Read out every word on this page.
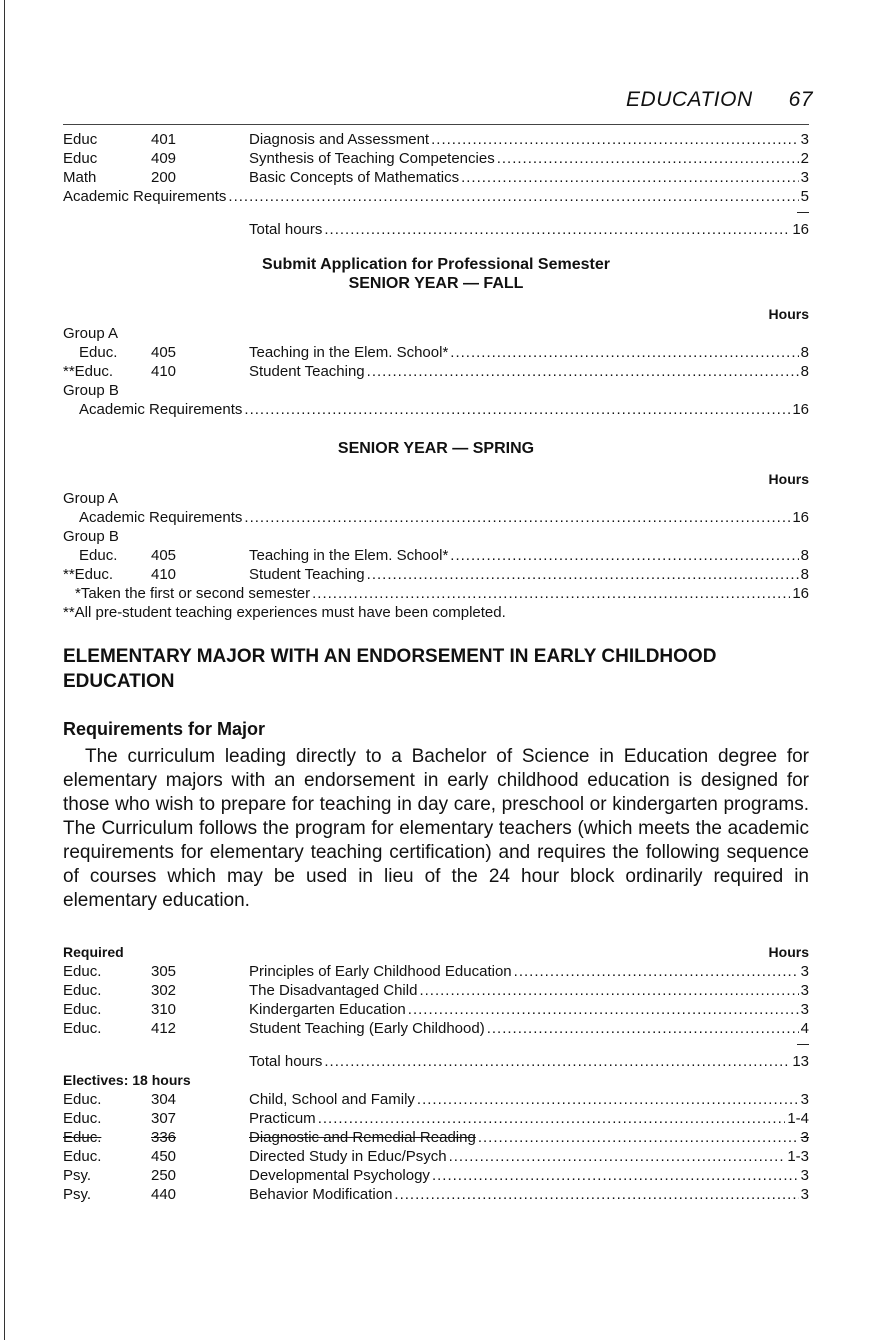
EDUCATION 67
Educ	401	Diagnosis and Assessment .....	3
Educ	409	Synthesis of Teaching Competencies .....	2
Math	200	Basic Concepts of Mathematics .....	3
Academic Requirements .....	5
Total hours .....	16
Submit Application for Professional Semester
SENIOR YEAR — FALL
Hours
Group A
Educ. 405	Teaching in the Elem. School* .....	8
**Educ.	410	Student Teaching .....	8
Group B
Academic Requirements .....	16
SENIOR YEAR — SPRING
Hours
Group A
Academic Requirements .....	16
Group B
Educ. 405	Teaching in the Elem. School* .....	8
**Educ.	410	Student Teaching .....	8
*Taken the first or second semester .....	16
**All pre-student teaching experiences must have been completed.
ELEMENTARY MAJOR WITH AN ENDORSEMENT IN EARLY CHILDHOOD EDUCATION
Requirements for Major
The curriculum leading directly to a Bachelor of Science in Education degree for elementary majors with an endorsement in early childhood education is designed for those who wish to prepare for teaching in day care, preschool or kindergarten programs. The Curriculum follows the program for elementary teachers (which meets the academic requirements for elementary teaching certification) and requires the following sequence of courses which may be used in lieu of the 24 hour block ordinarily required in elementary education.
Required	Hours
Educ.	305	Principles of Early Childhood Education .....	3
Educ.	302	The Disadvantaged Child .....	3
Educ.	310	Kindergarten Education .....	3
Educ.	412	Student Teaching (Early Childhood) .....	4
Total hours .....	13
Electives: 18 hours
Educ.	304	Child, School and Family .....	3
Educ.	307	Practicum .....	1-4
Educ.	336	Diagnostic and Remedial Reading .....	3
Educ.	450	Directed Study in Educ/Psych .....	1-3
Psy.	250	Developmental Psychology .....	3
Psy.	440	Behavior Modification .....	3
